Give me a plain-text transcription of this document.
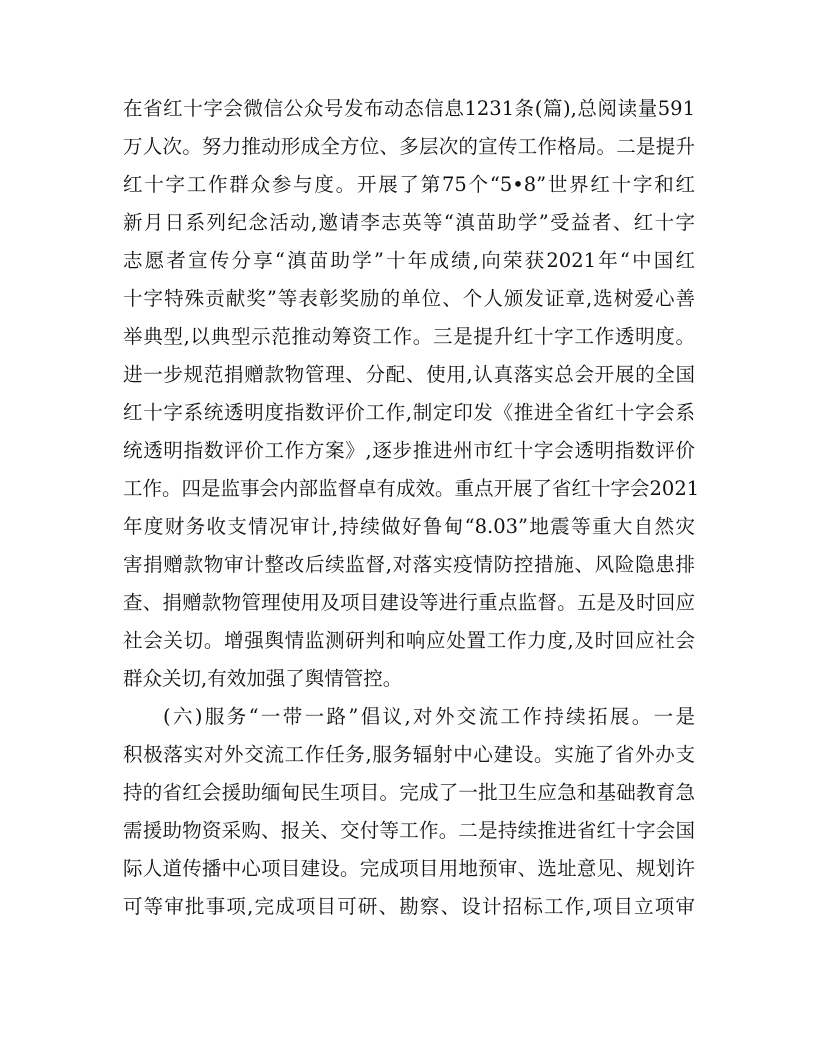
在省红十字会微信公众号发布动态信息1231条(篇),总阅读量591
万人次。努力推动形成全方位、多层次的宣传工作格局。二是提升
红十字工作群众参与度。开展了第75个“5•8”世界红十字和红
新月日系列纪念活动,邀请李志英等“滇苗助学”受益者、红十字
志愿者宣传分享“滇苗助学”十年成绩,向荣获2021年“中国红
十字特殊贡献奖”等表彰奖励的单位、个人颁发证章,选树爱心善
举典型,以典型示范推动筹资工作。三是提升红十字工作透明度。
进一步规范捐赠款物管理、分配、使用,认真落实总会开展的全国
红十字系统透明度指数评价工作,制定印发《推进全省红十字会系
统透明指数评价工作方案》,逐步推进州市红十字会透明指数评价
工作。四是监事会内部监督卓有成效。重点开展了省红十字会2021
年度财务收支情况审计,持续做好鲁甸“8.03”地震等重大自然灾
害捐赠款物审计整改后续监督,对落实疫情防控措施、风险隐患排
查、捐赠款物管理使用及项目建设等进行重点监督。五是及时回应
社会关切。增强舆情监测研判和响应处置工作力度,及时回应社会
群众关切,有效加强了舆情管控。
(六)服务“一带一路”倡议,对外交流工作持续拓展。一是
积极落实对外交流工作任务,服务辐射中心建设。实施了省外办支
持的省红会援助缅甸民生项目。完成了一批卫生应急和基础教育急
需援助物资采购、报关、交付等工作。二是持续推进省红十字会国
际人道传播中心项目建设。完成项目用地预审、选址意见、规划许
可等审批事项,完成项目可研、勘察、设计招标工作,项目立项审
